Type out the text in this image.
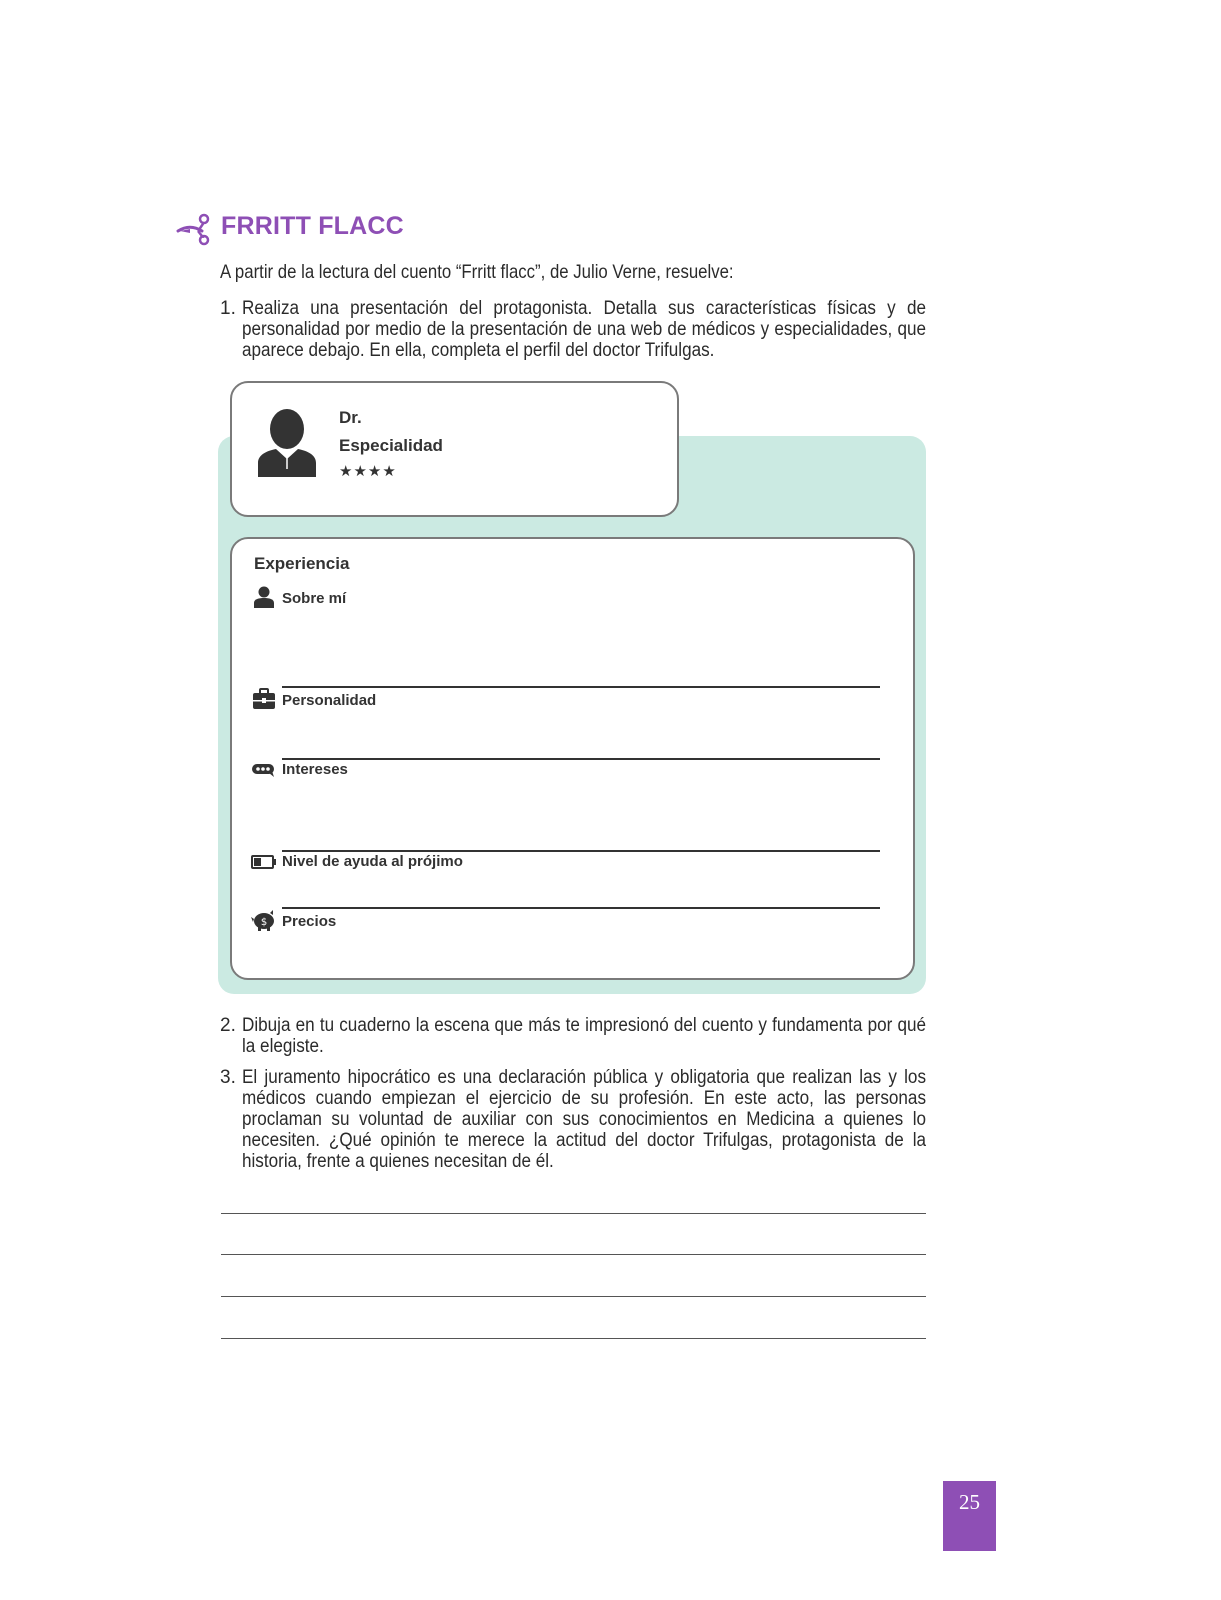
FRRITT FLACC

A partir de la lectura del cuento “Frritt flacc”, de Julio Verne, resuelve:

1. Realiza una presentación del protagonista. Detalla sus características físicas y de personalidad por medio de la presentación de una web de médicos y especialidades, que aparece debajo. En ella, completa el perfil del doctor Trifulgas.
Dr.
Especialidad
★★★★
Experiencia
Sobre mí
Personalidad
Intereses
Nivel de ayuda al prójimo
$ Precios
2. Dibuja en tu cuaderno la escena que más te impresionó del cuento y fundamenta por qué la elegiste.
3. El juramento hipocrático es una declaración pública y obligatoria que realizan las y los médicos cuando empiezan el ejercicio de su profesión. En este acto, las personas proclaman su voluntad de auxiliar con sus conocimientos en Medicina a quienes lo necesiten. ¿Qué opinión te merece la actitud del doctor Trifulgas, protagonista de la historia, frente a quienes necesitan de él.
25
